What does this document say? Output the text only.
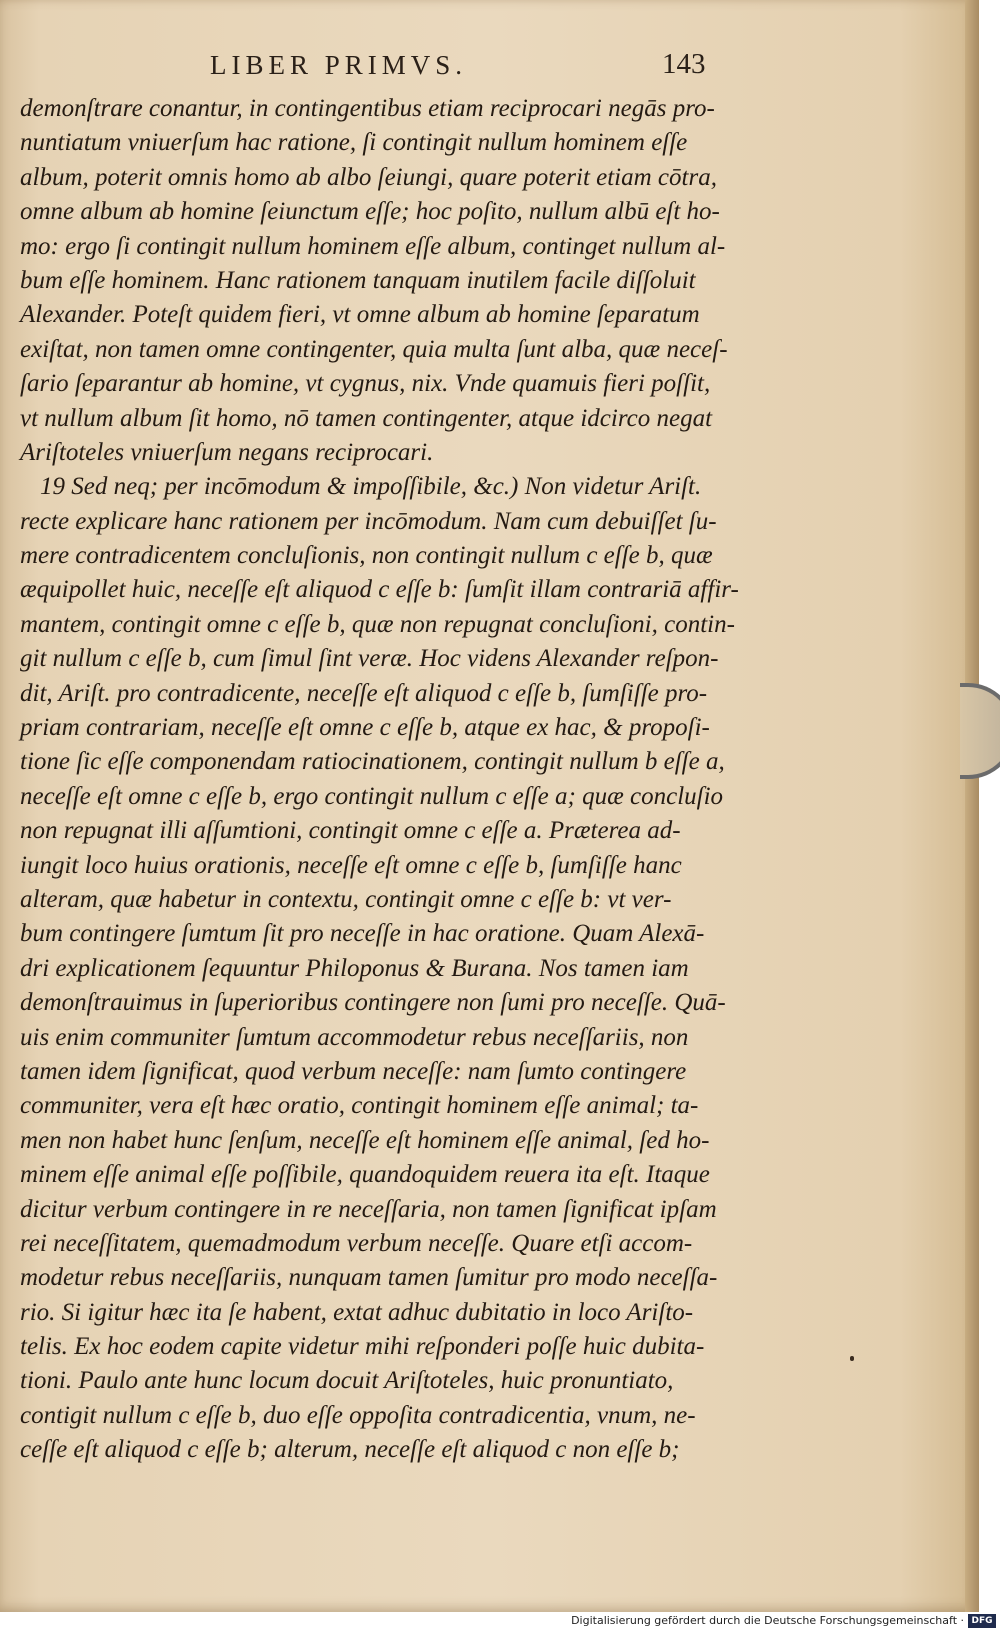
LIBER PRIMVS.	143
demonſtrare conantur, in contingentibus etiam reciprocari negās pro-
nuntiatum vniuerſum hac ratione, ſi contingit nullum hominem eſſe
album, poterit omnis homo ab albo ſeiungi, quare poterit etiam cōtra,
omne album ab homine ſeiunctum eſſe; hoc poſito, nullum albū eſt ho-
mo: ergo ſi contingit nullum hominem eſſe album, continget nullum al-
bum eſſe hominem. Hanc rationem tanquam inutilem facile diſſoluit
Alexander. Poteſt quidem fieri, vt omne album ab homine ſeparatum
exiſtat, non tamen omne contingenter, quia multa ſunt alba, quæ neceſ-
ſario ſeparantur ab homine, vt cygnus, nix. Vnde quamuis fieri poſſit,
vt nullum album ſit homo, nō tamen contingenter, atque idcirco negat
Ariſtoteles vniuerſum negans reciprocari.
19 Sed neq; per incōmodum & impoſſibile, &c.) Non videtur Ariſt.
recte explicare hanc rationem per incōmodum. Nam cum debuiſſet ſu-
mere contradicentem concluſionis, non contingit nullum c eſſe b, quæ
æquipollet huic, neceſſe eſt aliquod c eſſe b: ſumſit illam contrariā affir-
mantem, contingit omne c eſſe b, quæ non repugnat concluſioni, contin-
git nullum c eſſe b, cum ſimul ſint veræ. Hoc videns Alexander reſpon-
dit, Ariſt. pro contradicente, neceſſe eſt aliquod c eſſe b, ſumſiſſe pro-
priam contrariam, neceſſe eſt omne c eſſe b, atque ex hac, & propoſi-
tione ſic eſſe componendam ratiocinationem, contingit nullum b eſſe a,
neceſſe eſt omne c eſſe b, ergo contingit nullum c eſſe a; quæ concluſio
non repugnat illi aſſumtioni, contingit omne c eſſe a. Præterea ad-
iungit loco huius orationis, neceſſe eſt omne c eſſe b, ſumſiſſe hanc
alteram, quæ habetur in contextu, contingit omne c eſſe b: vt ver-
bum contingere ſumtum ſit pro neceſſe in hac oratione. Quam Alexā-
dri explicationem ſequuntur Philoponus & Burana. Nos tamen iam
demonſtrauimus in ſuperioribus contingere non ſumi pro neceſſe. Quā-
uis enim communiter ſumtum accommodetur rebus neceſſariis, non
tamen idem ſignificat, quod verbum neceſſe: nam ſumto contingere
communiter, vera eſt hæc oratio, contingit hominem eſſe animal; ta-
men non habet hunc ſenſum, neceſſe eſt hominem eſſe animal, ſed ho-
minem eſſe animal eſſe poſſibile, quandoquidem reuera ita eſt. Itaque
dicitur verbum contingere in re neceſſaria, non tamen ſignificat ipſam
rei neceſſitatem, quemadmodum verbum neceſſe. Quare etſi accom-
modetur rebus neceſſariis, nunquam tamen ſumitur pro modo neceſſa-
rio. Si igitur hæc ita ſe habent, extat adhuc dubitatio in loco Ariſto-
telis. Ex hoc eodem capite videtur mihi reſponderi poſſe huic dubita-
tioni. Paulo ante hunc locum docuit Ariſtoteles, huic pronuntiato,
contigit nullum c eſſe b, duo eſſe oppoſita contradicentia, vnum, ne-
ceſſe eſt aliquod c eſſe b; alterum, neceſſe eſt aliquod c non eſſe b;
Digitalisierung gefördert durch die Deutsche Forschungsgemeinschaft · DFG
